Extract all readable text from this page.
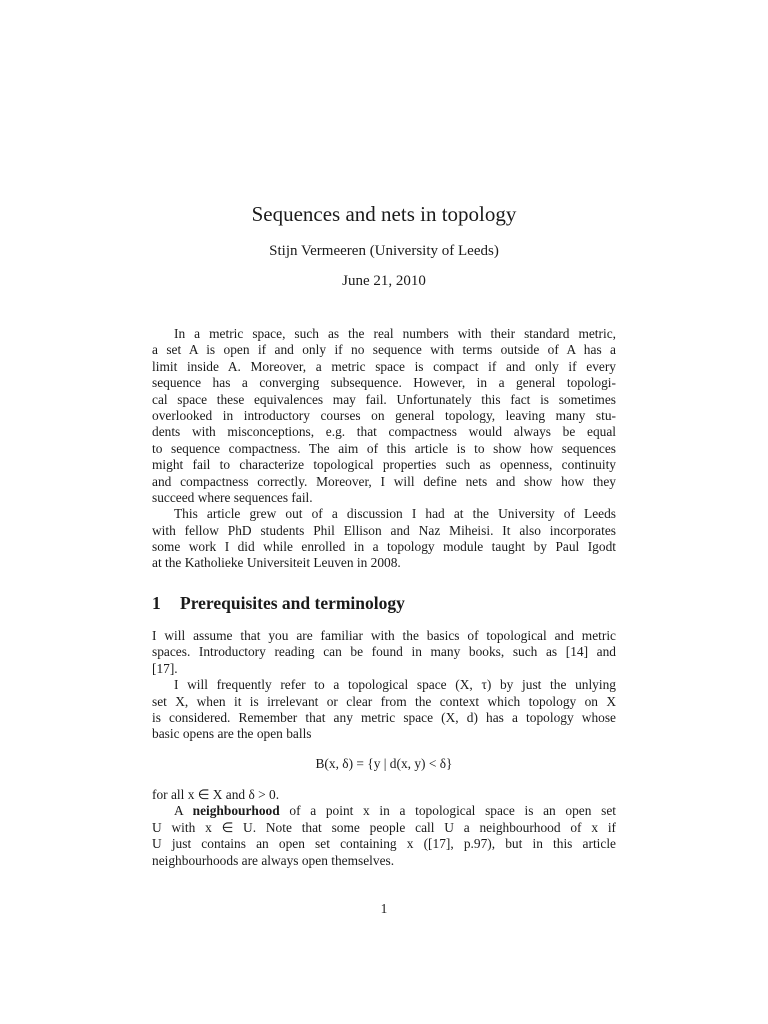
Sequences and nets in topology
Stijn Vermeeren (University of Leeds)
June 21, 2010
In a metric space, such as the real numbers with their standard metric,
a set A is open if and only if no sequence with terms outside of A has a
limit inside A. Moreover, a metric space is compact if and only if every
sequence has a converging subsequence. However, in a general topologi-
cal space these equivalences may fail. Unfortunately this fact is sometimes
overlooked in introductory courses on general topology, leaving many stu-
dents with misconceptions, e.g. that compactness would always be equal
to sequence compactness. The aim of this article is to show how sequences
might fail to characterize topological properties such as openness, continuity
and compactness correctly. Moreover, I will define nets and show how they
succeed where sequences fail.
This article grew out of a discussion I had at the University of Leeds
with fellow PhD students Phil Ellison and Naz Miheisi. It also incorporates
some work I did while enrolled in a topology module taught by Paul Igodt
at the Katholieke Universiteit Leuven in 2008.
1 Prerequisites and terminology
I will assume that you are familiar with the basics of topological and metric
spaces. Introductory reading can be found in many books, such as [14] and
[17].
I will frequently refer to a topological space (X, τ) by just the unlying
set X, when it is irrelevant or clear from the context which topology on X
is considered. Remember that any metric space (X, d) has a topology whose
basic opens are the open balls
B(x, δ) = {y | d(x, y) < δ}
for all x ∈ X and δ > 0.
A neighbourhood of a point x in a topological space is an open set
U with x ∈ U. Note that some people call U a neighbourhood of x if
U just contains an open set containing x ([17], p.97), but in this article
neighbourhoods are always open themselves.
1
